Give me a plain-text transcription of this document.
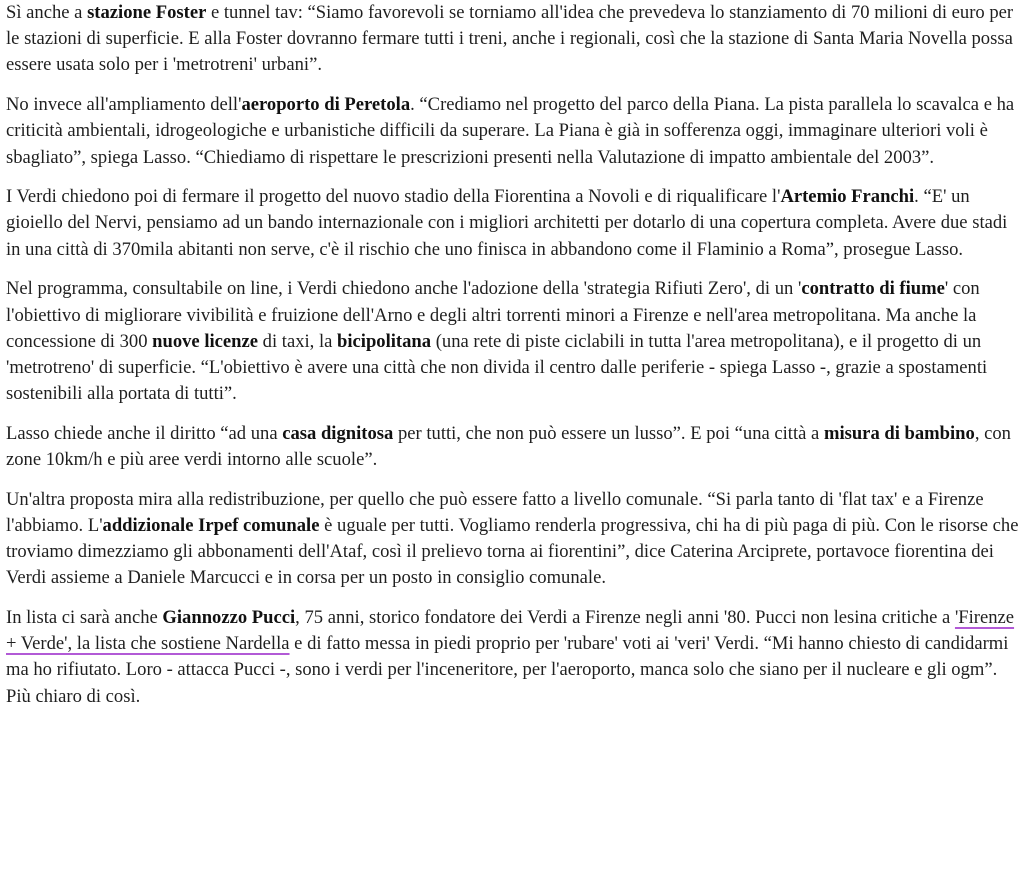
Sì anche a stazione Foster e tunnel tav: “Siamo favorevoli se torniamo all'idea che prevedeva lo stanziamento di 70 milioni di euro per le stazioni di superficie. E alla Foster dovranno fermare tutti i treni, anche i regionali, così che la stazione di Santa Maria Novella possa essere usata solo per i 'metrotreni' urbani”.

No invece all'ampliamento dell'aeroporto di Peretola. “Crediamo nel progetto del parco della Piana. La pista parallela lo scavalca e ha criticità ambientali, idrogeologiche e urbanistiche difficili da superare. La Piana è già in sofferenza oggi, immaginare ulteriori voli è sbagliato”, spiega Lasso. “Chiediamo di rispettare le prescrizioni presenti nella Valutazione di impatto ambientale del 2003”.

I Verdi chiedono poi di fermare il progetto del nuovo stadio della Fiorentina a Novoli e di riqualificare l'Artemio Franchi. “E' un gioiello del Nervi, pensiamo ad un bando internazionale con i migliori architetti per dotarlo di una copertura completa. Avere due stadi in una città di 370mila abitanti non serve, c'è il rischio che uno finisca in abbandono come il Flaminio a Roma”, prosegue Lasso.

Nel programma, consultabile on line, i Verdi chiedono anche l'adozione della 'strategia Rifiuti Zero', di un 'contratto di fiume' con l'obiettivo di migliorare vivibilità e fruizione dell'Arno e degli altri torrenti minori a Firenze e nell'area metropolitana. Ma anche la concessione di 300 nuove licenze di taxi, la bicipolitana (una rete di piste ciclabili in tutta l'area metropolitana), e il progetto di un 'metrotreno' di superficie. “L'obiettivo è avere una città che non divida il centro dalle periferie - spiega Lasso -, grazie a spostamenti sostenibili alla portata di tutti”.

Lasso chiede anche il diritto “ad una casa dignitosa per tutti, che non può essere un lusso”. E poi “una città a misura di bambino, con zone 10km/h e più aree verdi intorno alle scuole”.

Un'altra proposta mira alla redistribuzione, per quello che può essere fatto a livello comunale. “Si parla tanto di 'flat tax' e a Firenze l'abbiamo. L'addizionale Irpef comunale è uguale per tutti. Vogliamo renderla progressiva, chi ha di più paga di più. Con le risorse che troviamo dimezziamo gli abbonamenti dell'Ataf, così il prelievo torna ai fiorentini”, dice Caterina Arciprete, portavoce fiorentina dei Verdi assieme a Daniele Marcucci e in corsa per un posto in consiglio comunale.

In lista ci sarà anche Giannozzo Pucci, 75 anni, storico fondatore dei Verdi a Firenze negli anni '80. Pucci non lesina critiche a 'Firenze + Verde', la lista che sostiene Nardella e di fatto messa in piedi proprio per 'rubare' voti ai 'veri' Verdi. “Mi hanno chiesto di candidarmi ma ho rifiutato. Loro - attacca Pucci -, sono i verdi per l'inceneritore, per l'aeroporto, manca solo che siano per il nucleare e gli ogm”. Più chiaro di così.
